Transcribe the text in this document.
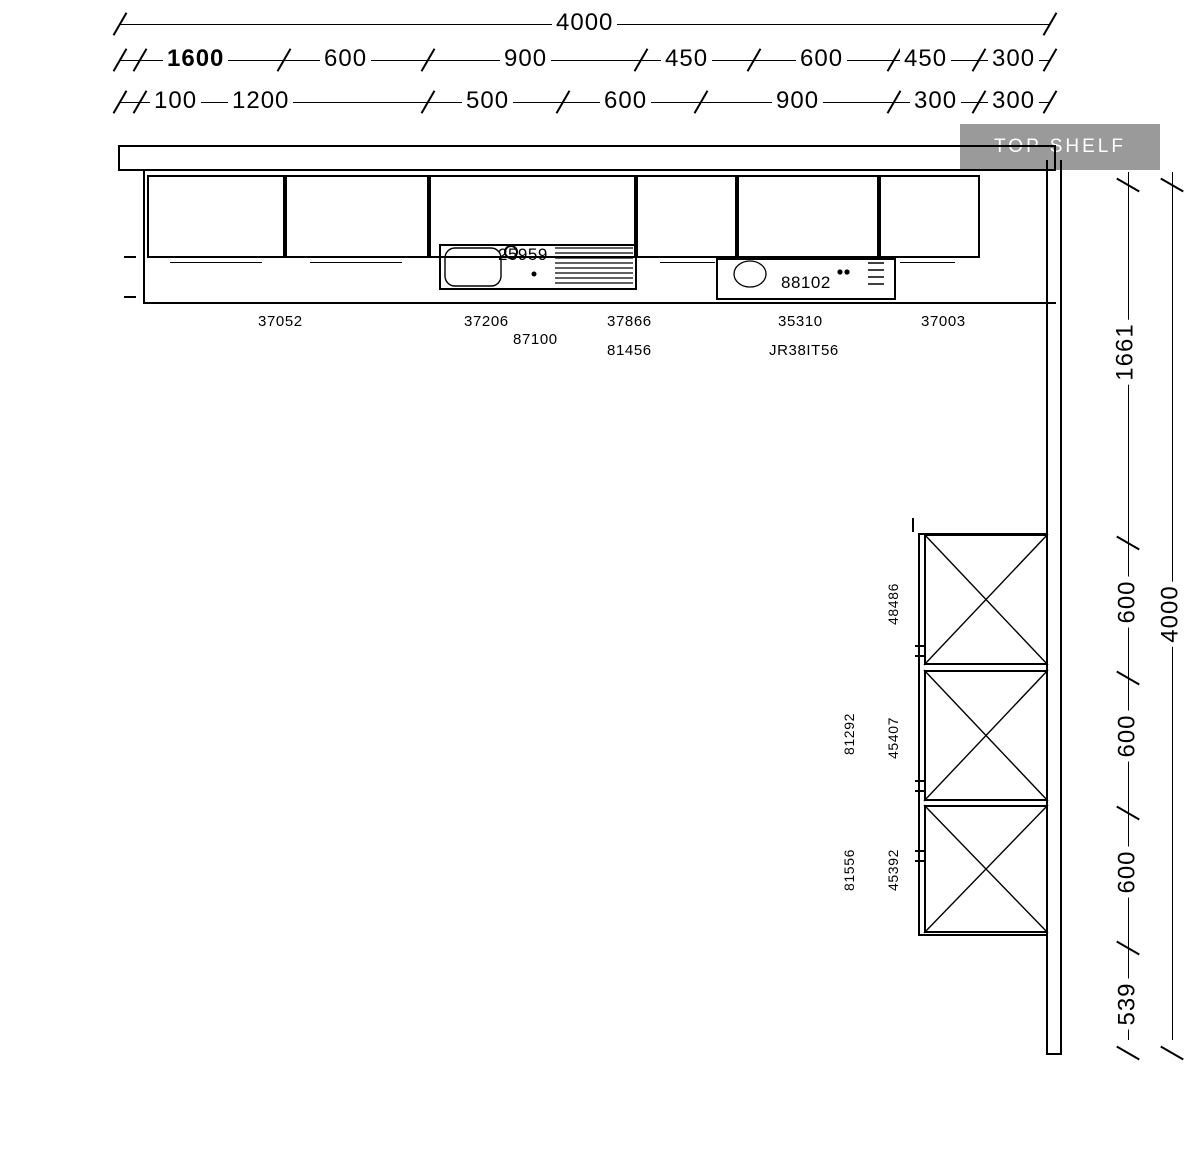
4000
1600	600	900	450	600	450 300
100 1200	500	600	900	300 300
TOP SHELF
25959
88102
37052	37206	37866	35310	37003
87100
81456	JR38IT56
48486
45407
45392
81292
81556
1661
600
600
600
539
4000
